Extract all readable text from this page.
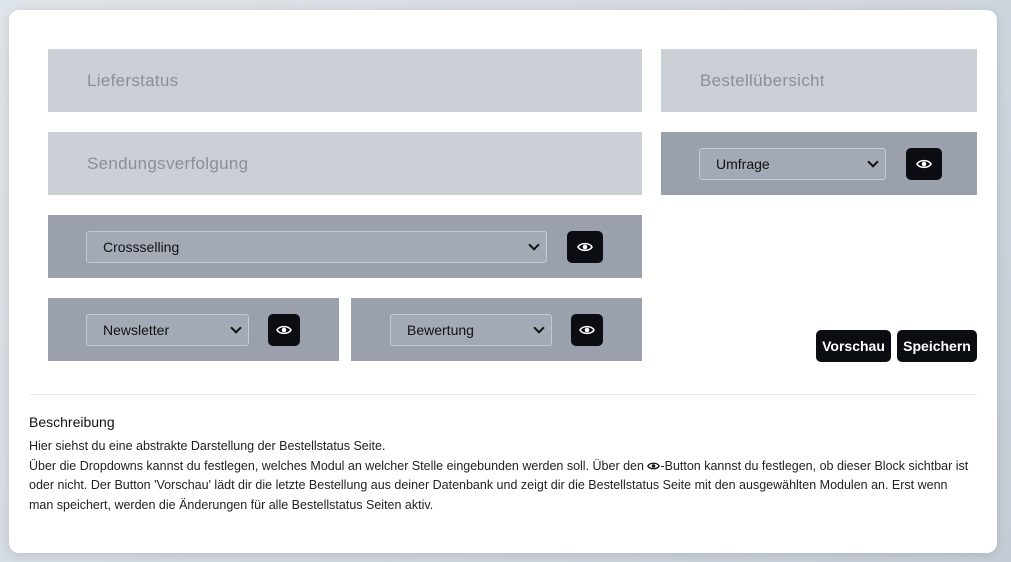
Lieferstatus	Bestellübersicht
Sendungsverfolgung	Umfrage
Crossselling
Newsletter	Bewertung
Vorschau Speichern
Beschreibung

Hier siehst du eine abstrakte Darstellung der Bestellstatus Seite.

Über die Dropdowns kannst du festlegen, welches Modul an welcher Stelle eingebunden werden soll. Über den -Button kannst du festlegen, ob dieser Block sichtbar ist oder nicht. Der Button 'Vorschau' lädt dir die letzte Bestellung aus deiner Datenbank und zeigt dir die Bestellstatus Seite mit den ausgewählten Modulen an. Erst wenn man speichert, werden die Änderungen für alle Bestellstatus Seiten aktiv.
